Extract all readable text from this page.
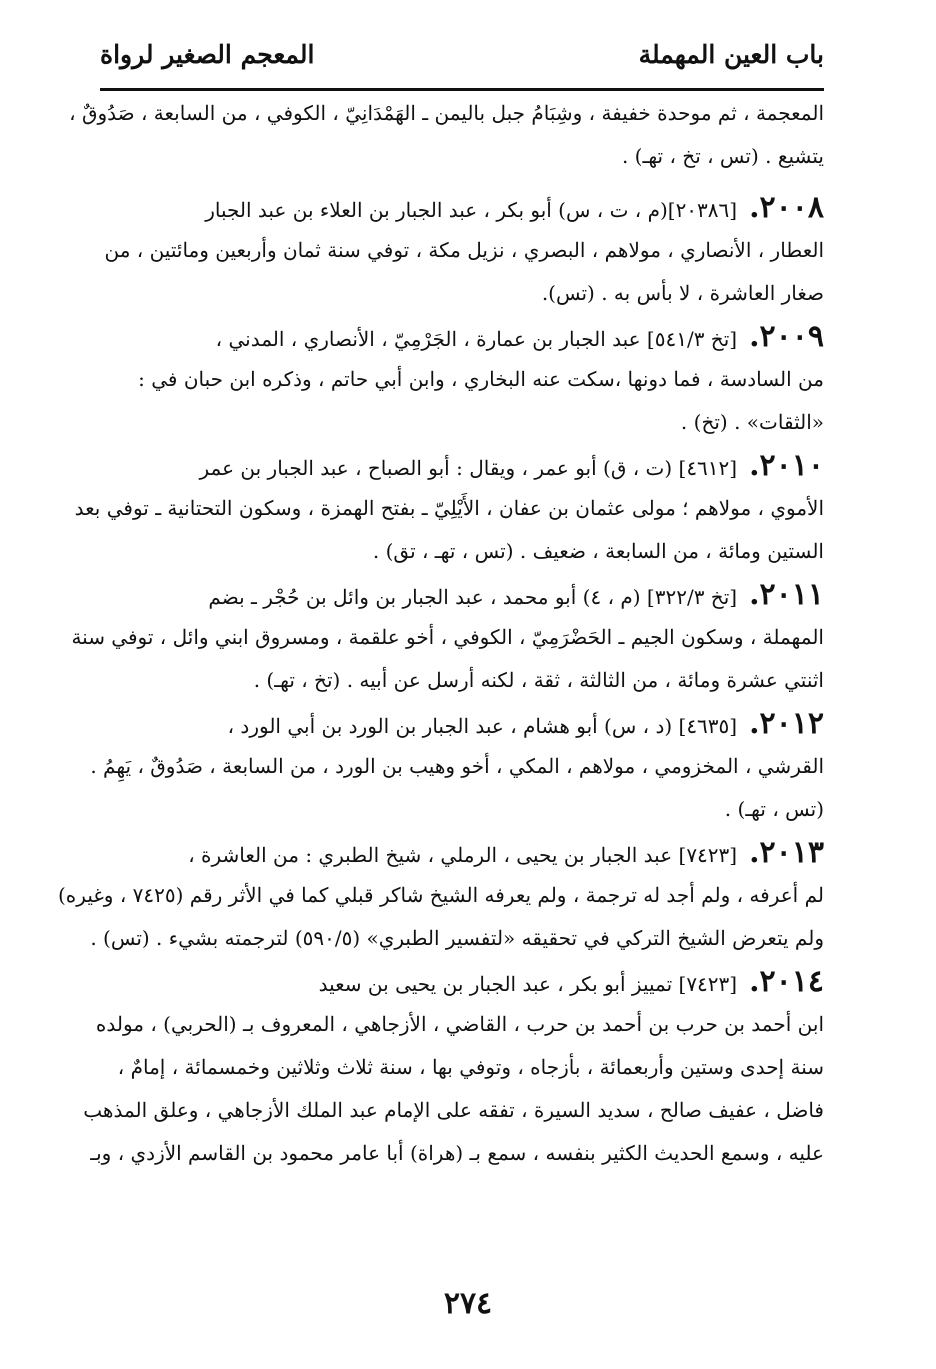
باب العين المهملة
المعجم الصغير لرواة
المعجمة ، ثم موحدة خفيفة ، وشِبَامُ جبل باليمن ـ الهَمْدَانِيّ ، الكوفي ، من السابعة ، صَدُوقٌ ،
يتشيع . (تس ، تخ ، تهـ) .
٢٠٠٨.[٢٠٣٨٦](م ، ت ، س) أبو بكر ، عبد الجبار بن العلاء بن عبد الجبار
العطار ، الأنصاري ، مولاهم ، البصري ، نزيل مكة ، توفي سنة ثمان وأربعين ومائتين ، من
صغار العاشرة ، لا بأس به . (تس).
٢٠٠٩.[تخ ٥٤١/٣] عبد الجبار بن عمارة ، الجَرْمِيّ ، الأنصاري ، المدني ،
من السادسة ، فما دونها ،سكت عنه البخاري ، وابن أبي حاتم ، وذكره ابن حبان في :
«الثقات» . (تخ) .
٢٠١٠.[٤٦١٢] (ت ، ق) أبو عمر ، ويقال : أبو الصباح ، عبد الجبار بن عمر
الأموي ، مولاهم ؛ مولى عثمان بن عفان ، الأَيْلِيّ ـ بفتح الهمزة ، وسكون التحتانية ـ توفي بعد
الستين ومائة ، من السابعة ، ضعيف . (تس ، تهـ ، تق) .
٢٠١١.[تخ ٣٢٢/٣] (م ، ٤) أبو محمد ، عبد الجبار بن وائل بن حُجْر ـ بضم
المهملة ، وسكون الجيم ـ الحَضْرَمِيّ ، الكوفي ، أخو علقمة ، ومسروق ابني وائل ، توفي سنة
اثنتي عشرة ومائة ، من الثالثة ، ثقة ، لكنه أرسل عن أبيه . (تخ ، تهـ) .
٢٠١٢.[٤٦٣٥] (د ، س) أبو هشام ، عبد الجبار بن الورد بن أبي الورد ،
القرشي ، المخزومي ، مولاهم ، المكي ، أخو وهيب بن الورد ، من السابعة ، صَدُوقٌ ، يَهِمُ .
(تس ، تهـ) .
٢٠١٣.[٧٤٢٣] عبد الجبار بن يحيى ، الرملي ، شيخ الطبري : من العاشرة ،
لم أعرفه ، ولم أجد له ترجمة ، ولم يعرفه الشيخ شاكر قبلي كما في الأثر رقم (٧٤٢٥ ، وغيره)
ولم يتعرض الشيخ التركي في تحقيقه «لتفسير الطبري» (٥٩٠/٥) لترجمته بشيء . (تس) .
٢٠١٤.[٧٤٢٣] تمييز أبو بكر ، عبد الجبار بن يحيى بن سعيد
ابن أحمد بن حرب بن أحمد بن حرب ، القاضي ، الأزجاهي ، المعروف بـ (الحربي) ، مولده
سنة إحدى وستين وأربعمائة ، بأزجاه ، وتوفي بها ، سنة ثلاث وثلاثين وخمسمائة ، إمامٌ ،
فاضل ، عفيف صالح ، سديد السيرة ، تفقه على الإمام عبد الملك الأزجاهي ، وعلق المذهب
عليه ، وسمع الحديث الكثير بنفسه ، سمع بـ (هراة) أبا عامر محمود بن القاسم الأزدي ، وبـ
٢٧٤
